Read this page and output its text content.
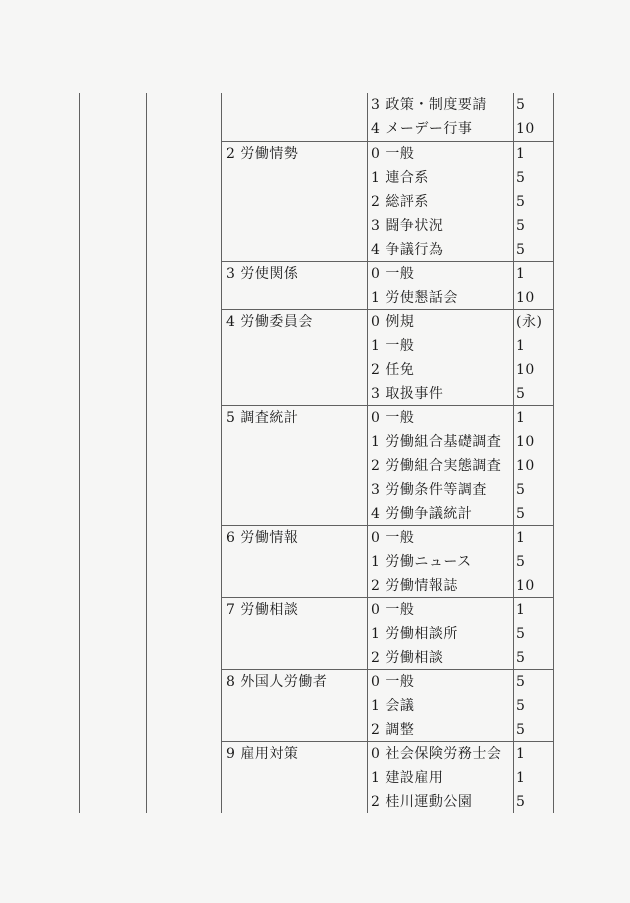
3 政策・制度要請	5
4 メーデー行事	10
2 労働情勢	0 一般	1
1 連合系	5
2 総評系	5
3 闘争状況	5
4 争議行為	5
3 労使関係	0 一般	1
1 労使懇話会	10
4 労働委員会	0 例規	(永)
1 一般	1
2 任免	10
3 取扱事件	5
5 調査統計	0 一般	1
1 労働組合基礎調査	10
2 労働組合実態調査	10
3 労働条件等調査	5
4 労働争議統計	5
6 労働情報	0 一般	1
1 労働ニュース	5
2 労働情報誌	10
7 労働相談	0 一般	1
1 労働相談所	5
2 労働相談	5
8 外国人労働者	0 一般	5
1 会議	5
2 調整	5
9 雇用対策	0 社会保険労務士会	1
1 建設雇用	1
2 桂川運動公園	5
